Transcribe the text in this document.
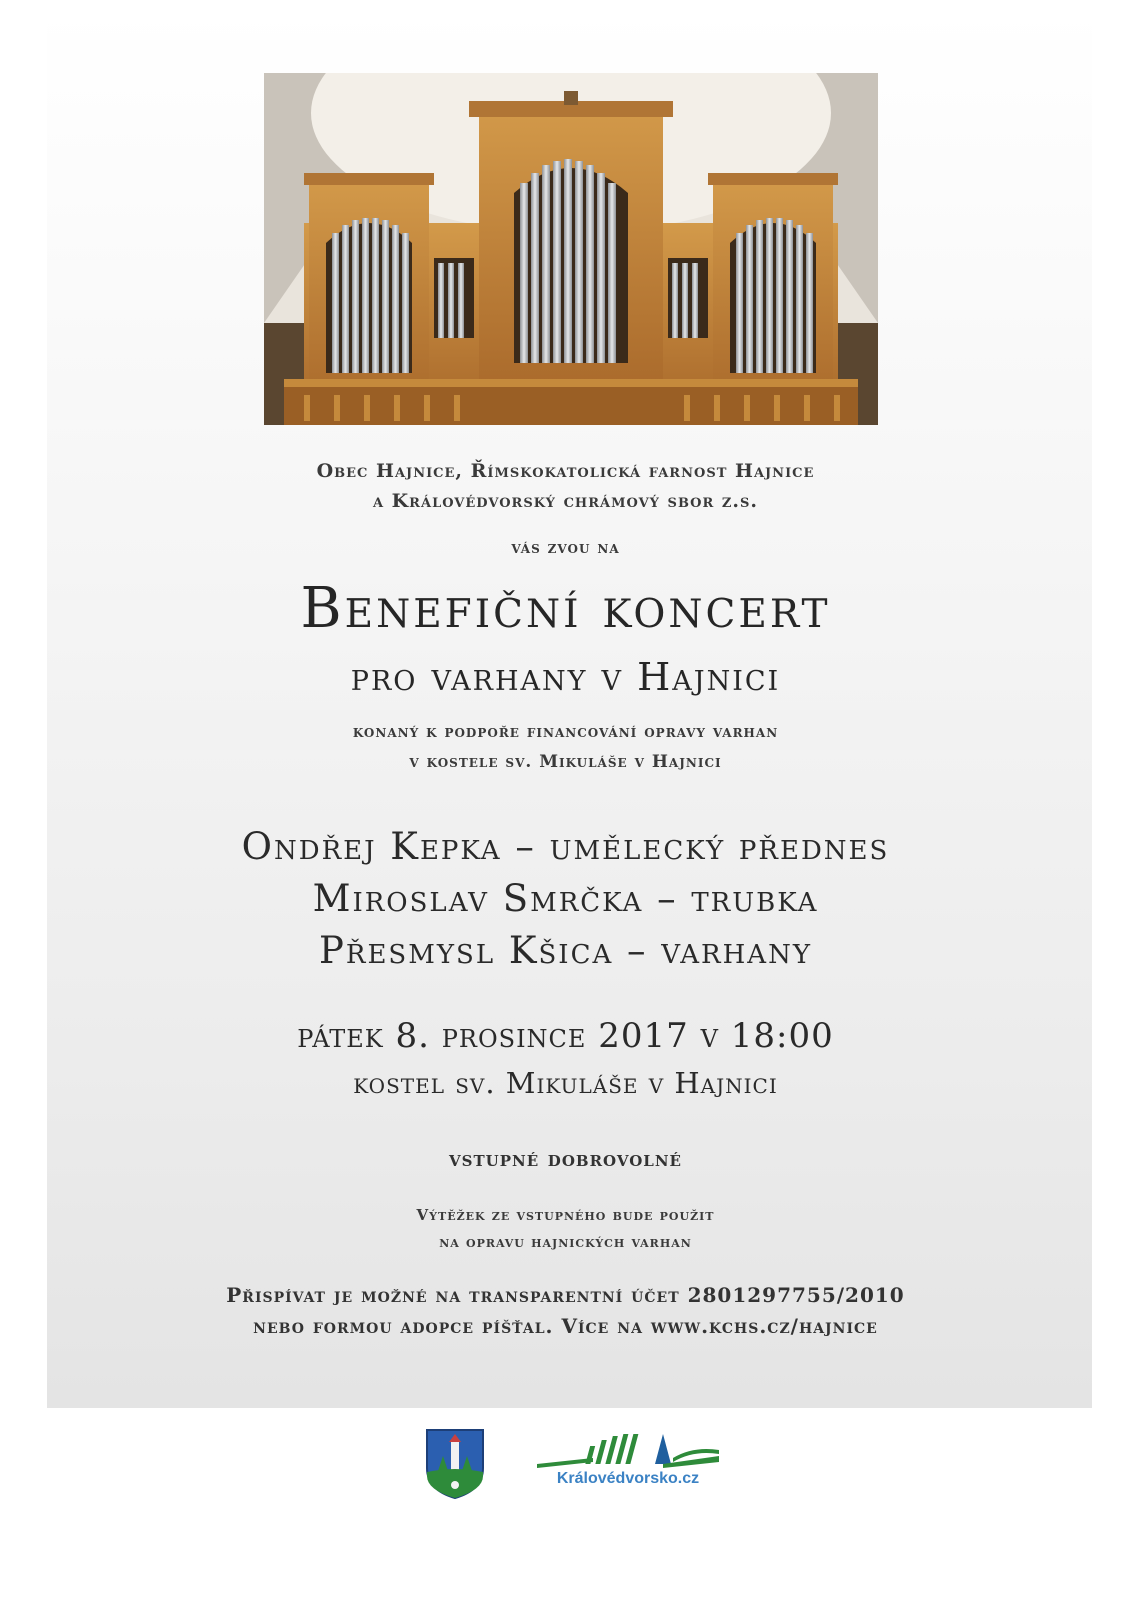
Obec Hajnice, Římskokatolická farnost Hajnice
a Královédvorský chrámový sbor z.s.
vás zvou na
Benefiční koncert
pro varhany v Hajnici
konaný k podpoře financování opravy varhan
v kostele sv. Mikuláše v Hajnici
Ondřej Kepka – umělecký přednes
Miroslav Smrčka – trubka
Přesmysl Kšica – varhany
pátek 8. prosince 2017 v 18:00
kostel sv. Mikuláše v Hajnici
vstupné dobrovolné
Výtěžek ze vstupného bude použit
na opravu hajnických varhan
Přispívat je možné na transparentní účet 2801297755/2010
nebo formou adopce píšťal. Více na www.kchs.cz/hajnice
Královédvorsko.cz
